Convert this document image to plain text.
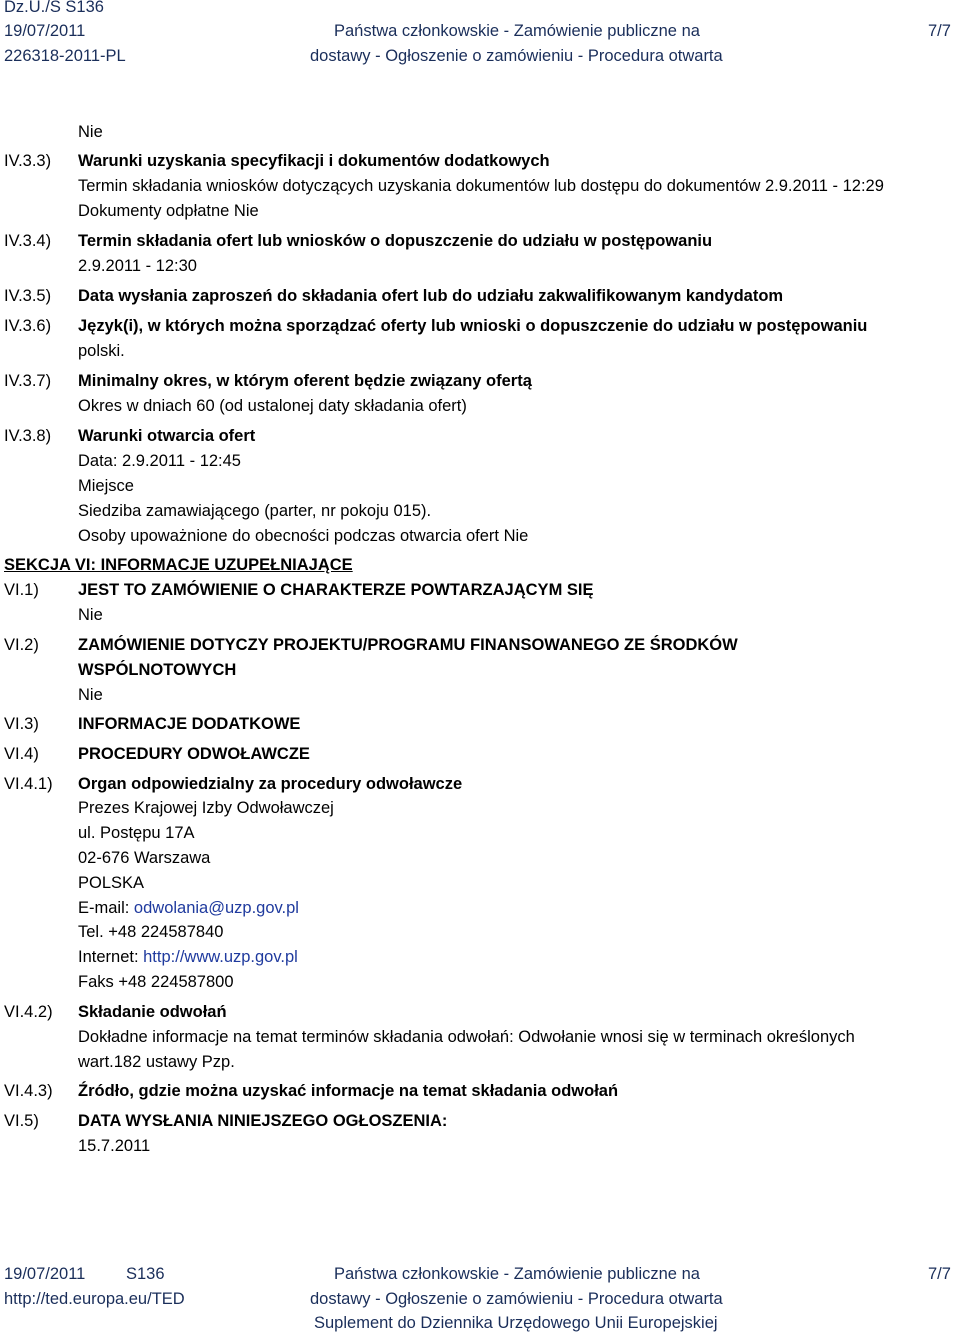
Dz.U./S S136
19/07/2011
226318-2011-PL
Państwa członkowskie - Zamówienie publiczne na
dostawy - Ogłoszenie o zamówieniu - Procedura otwarta
7/7
Nie
IV.3.3) Warunki uzyskania specyfikacji i dokumentów dodatkowych
Termin składania wniosków dotyczących uzyskania dokumentów lub dostępu do dokumentów 2.9.2011 - 12:29
Dokumenty odpłatne Nie
IV.3.4) Termin składania ofert lub wniosków o dopuszczenie do udziału w postępowaniu
2.9.2011 - 12:30
IV.3.5) Data wysłania zaproszeń do składania ofert lub do udziału zakwalifikowanym kandydatom
IV.3.6) Język(i), w których można sporządzać oferty lub wnioski o dopuszczenie do udziału w postępowaniu
polski.
IV.3.7) Minimalny okres, w którym oferent będzie związany ofertą
Okres w dniach 60 (od ustalonej daty składania ofert)
IV.3.8) Warunki otwarcia ofert
Data: 2.9.2011 - 12:45
Miejsce
Siedziba zamawiającego (parter, nr pokoju 015).
Osoby upoważnione do obecności podczas otwarcia ofert Nie
SEKCJA VI: INFORMACJE UZUPEŁNIAJĄCE
VI.1) JEST TO ZAMÓWIENIE O CHARAKTERZE POWTARZAJĄCYM SIĘ
Nie
VI.2) ZAMÓWIENIE DOTYCZY PROJEKTU/PROGRAMU FINANSOWANEGO ZE ŚRODKÓW
WSPÓLNOTOWYCH
Nie
VI.3) INFORMACJE DODATKOWE
VI.4) PROCEDURY ODWOŁAWCZE
VI.4.1) Organ odpowiedzialny za procedury odwoławcze
Prezes Krajowej Izby Odwoławczej
ul. Postępu 17A
02-676 Warszawa
POLSKA
E-mail: odwolania@uzp.gov.pl
Tel. +48 224587840
Internet: http://www.uzp.gov.pl
Faks +48 224587800
VI.4.2) Składanie odwołań
Dokładne informacje na temat terminów składania odwołań: Odwołanie wnosi się w terminach określonych
wart.182 ustawy Pzp.
VI.4.3) Źródło, gdzie można uzyskać informacje na temat składania odwołań
VI.5) DATA WYSŁANIA NINIEJSZEGO OGŁOSZENIA:
15.7.2011
19/07/2011 S136
http://ted.europa.eu/TED
Państwa członkowskie - Zamówienie publiczne na
dostawy - Ogłoszenie o zamówieniu - Procedura otwarta
Suplement do Dziennika Urzędowego Unii Europejskiej
7/7
